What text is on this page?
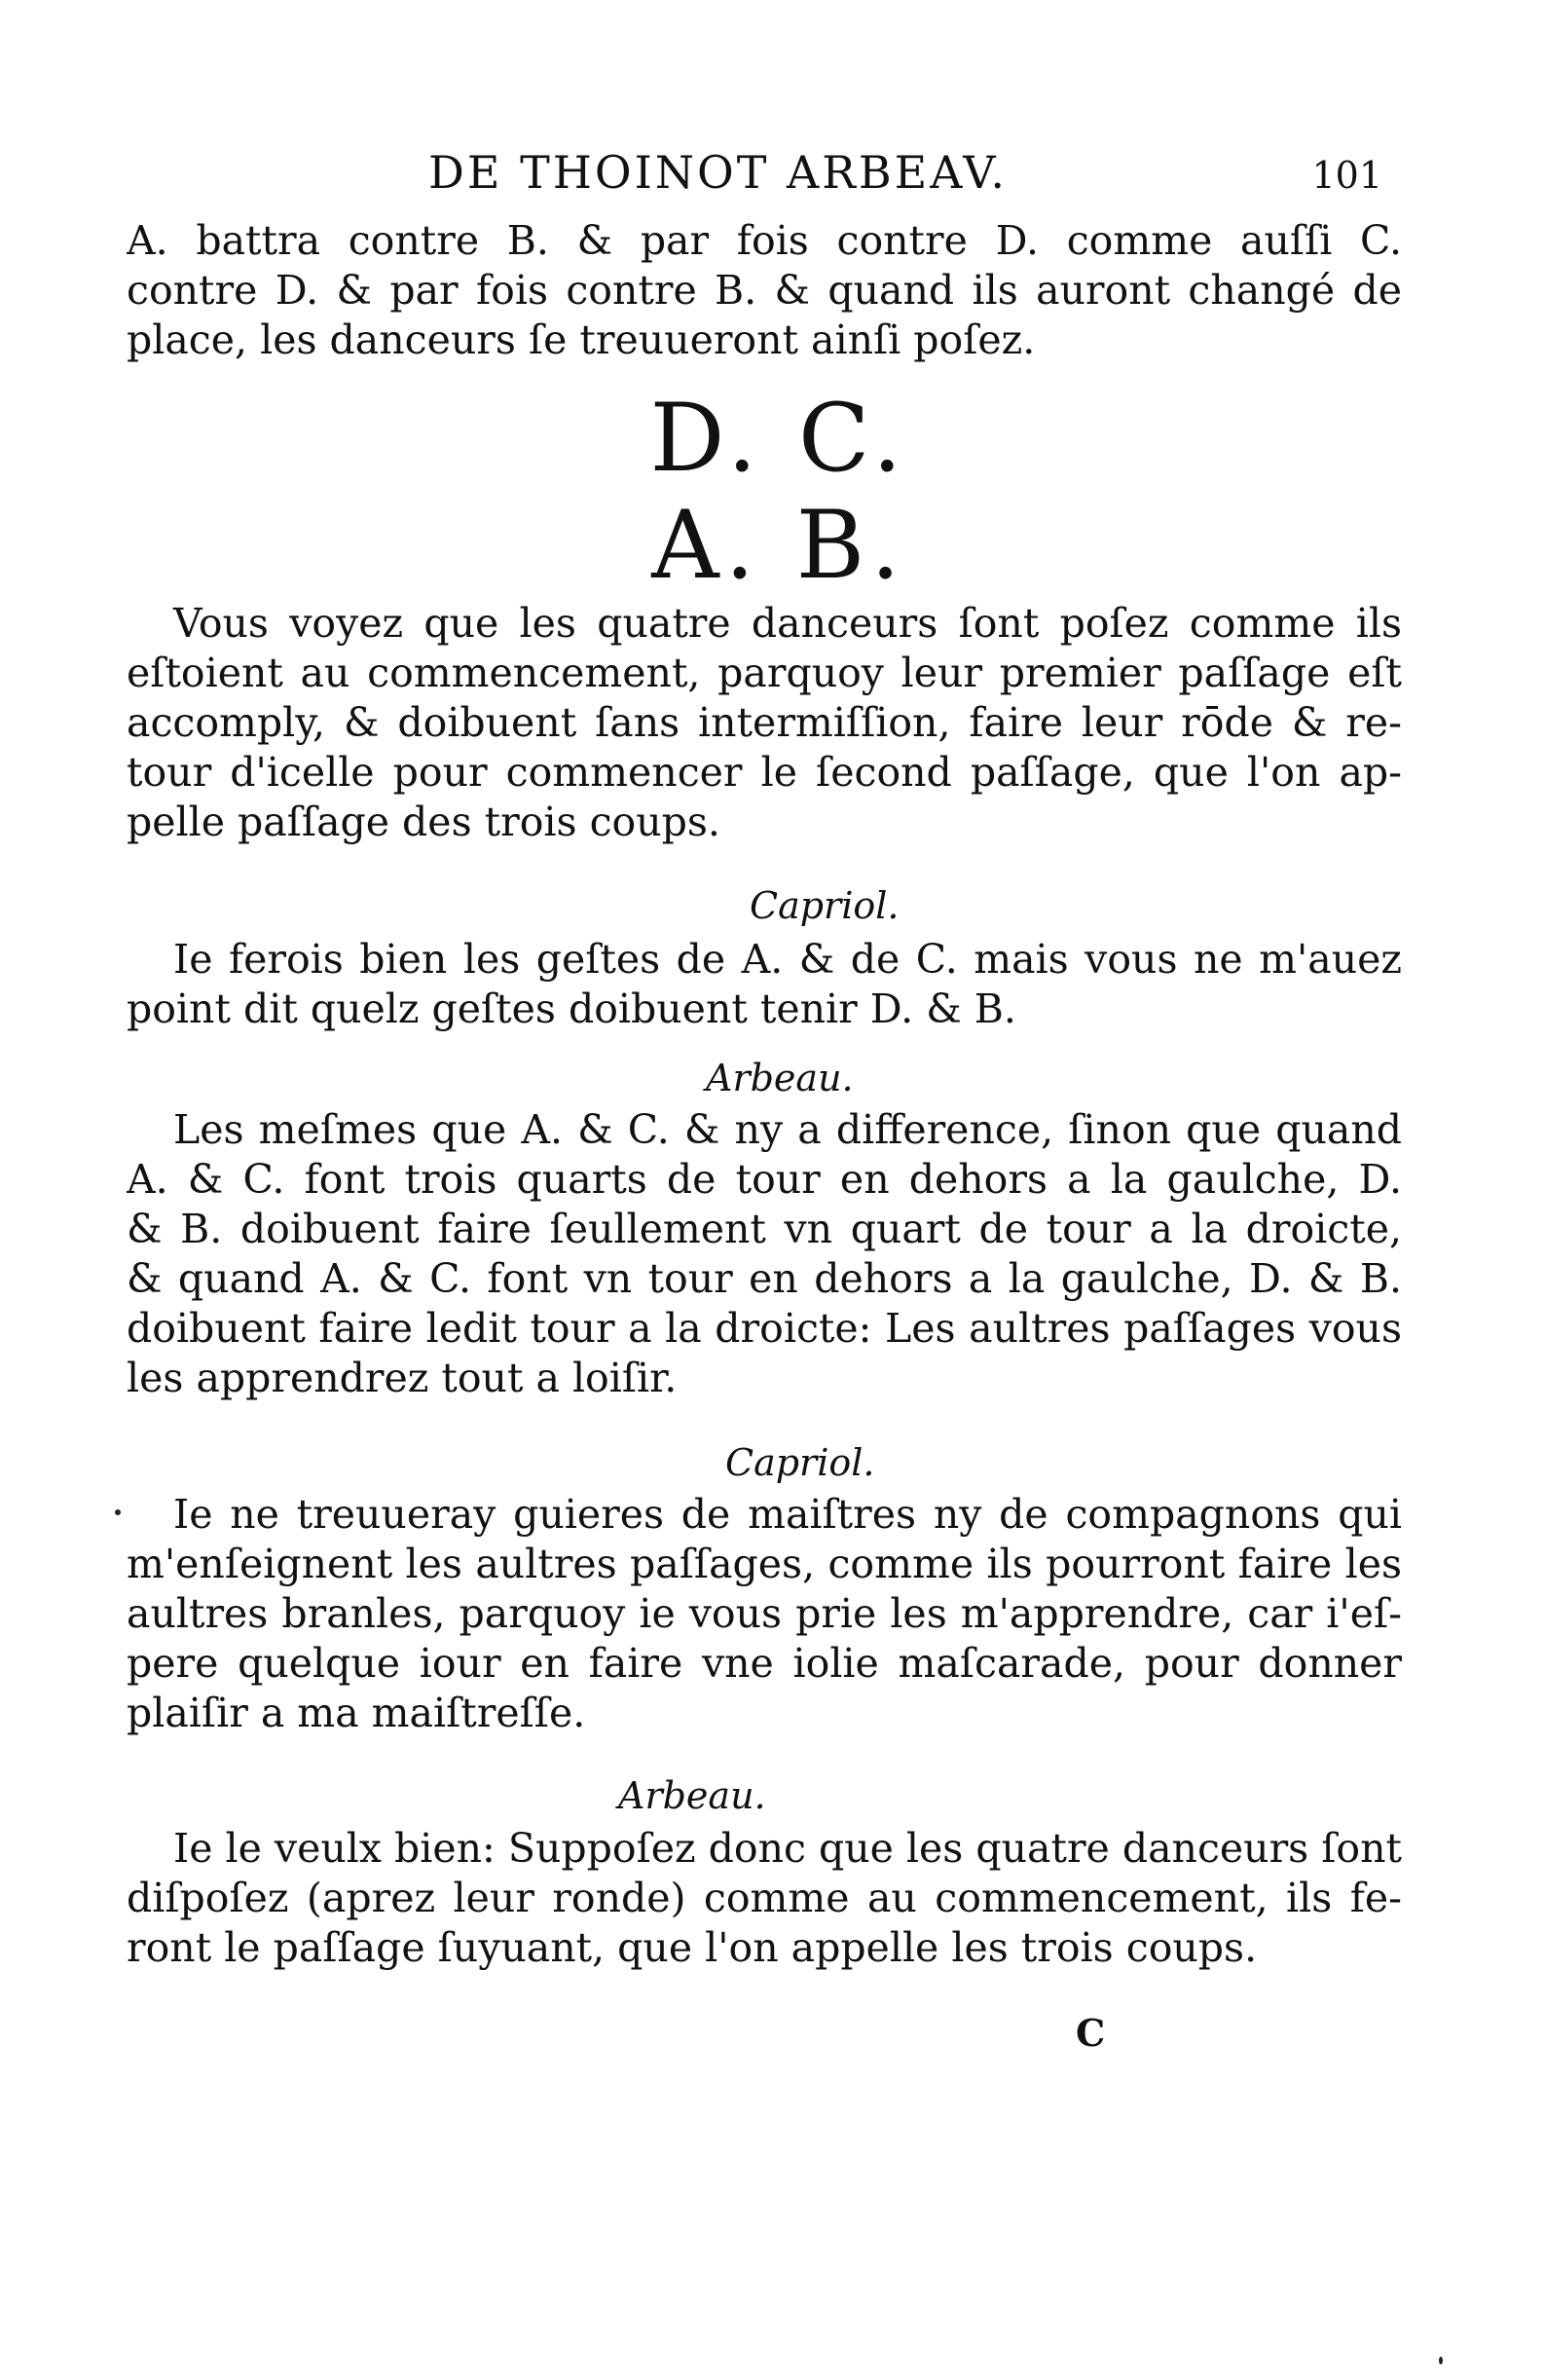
DE THOINOT ARBEAV.	101
A. battra contre B. & par fois contre D. comme auſſi C.
contre D. & par fois contre B. & quand ils auront changé de
place, les danceurs ſe treuueront ainſi poſez.
D. C.
A. B.
Vous voyez que les quatre danceurs ſont poſez comme ils
eſtoient au commencement, parquoy leur premier paſſage eſt
accomply, & doibuent ſans intermiſſion, faire leur rōde & re-
tour d'icelle pour commencer le ſecond paſſage, que l'on ap-
pelle paſſage des trois coups.
Capriol.
Ie ferois bien les geſtes de A. & de C. mais vous ne m'auez
point dit quelz geſtes doibuent tenir D. & B.
Arbeau.
Les meſmes que A. & C. & ny a difference, ſinon que quand
A. & C. font trois quarts de tour en dehors a la gaulche, D.
& B. doibuent faire ſeullement vn quart de tour a la droicte,
& quand A. & C. font vn tour en dehors a la gaulche, D. & B.
doibuent faire ledit tour a la droicte: Les aultres paſſages vous
les apprendrez tout a loiſir.
Capriol.
Ie ne treuueray guieres de maiſtres ny de compagnons qui
m'enſeignent les aultres paſſages, comme ils pourront faire les
aultres branles, parquoy ie vous prie les m'apprendre, car i'eſ-
pere quelque iour en faire vne iolie maſcarade, pour donner
plaiſir a ma maiſtreſſe.
Arbeau.
Ie le veulx bien: Suppoſez donc que les quatre danceurs ſont
diſpoſez (aprez leur ronde) comme au commencement, ils fe-
ront le paſſage ſuyuant, que l'on appelle les trois coups.
C
